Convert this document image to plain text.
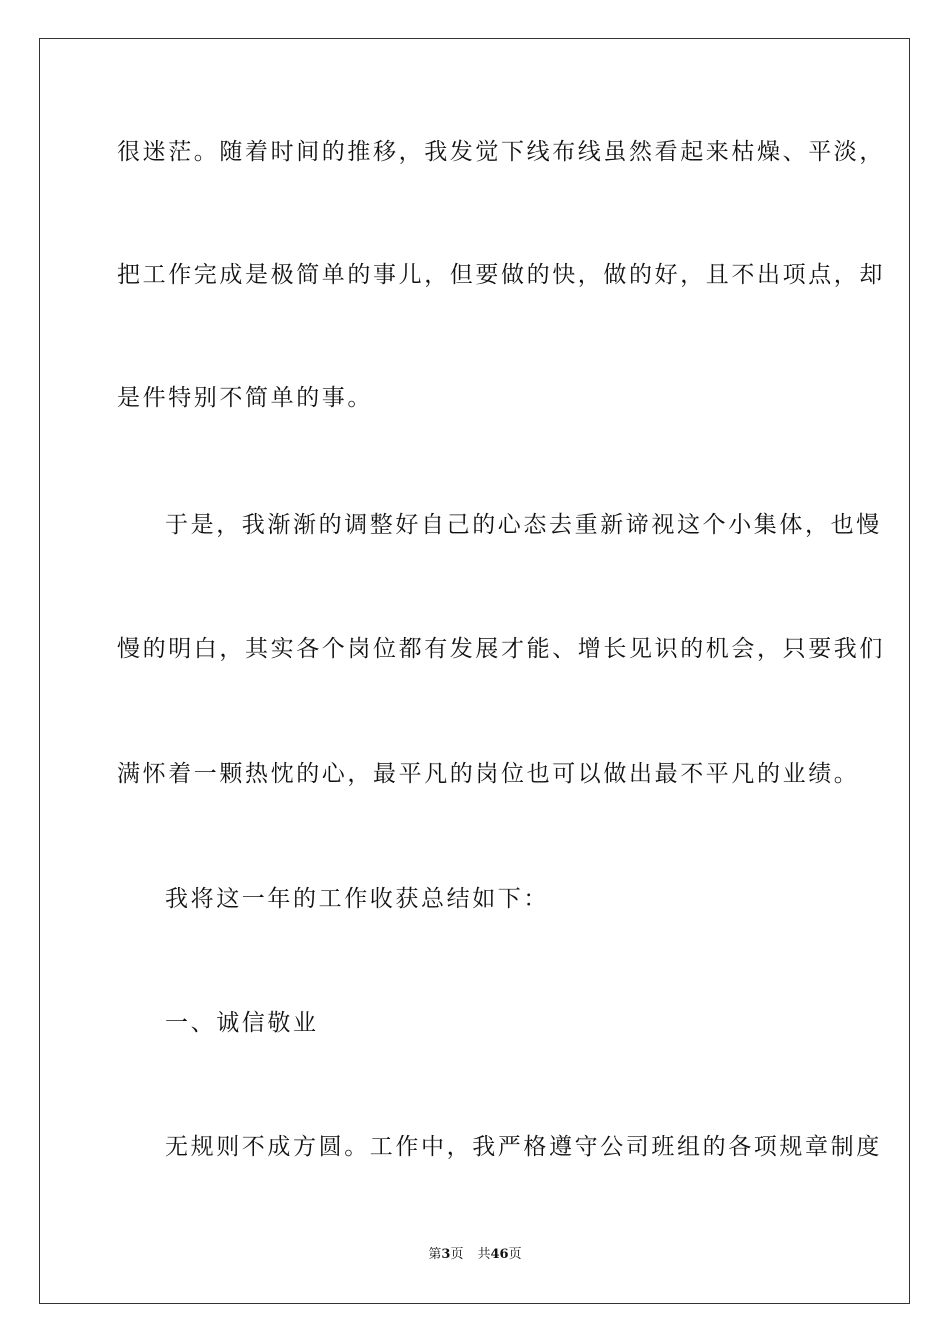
很迷茫。随着时间的推移，我发觉下线布线虽然看起来枯燥、平淡，
把工作完成是极简单的事儿，但要做的快，做的好，且不出项点，却
是件特别不简单的事。
于是，我渐渐的调整好自己的心态去重新谛视这个小集体，也慢
慢的明白，其实各个岗位都有发展才能、增长见识的机会，只要我们
满怀着一颗热忱的心，最平凡的岗位也可以做出最不平凡的业绩。
我将这一年的工作收获总结如下：
一、诚信敬业
无规则不成方圆。工作中，我严格遵守公司班组的各项规章制度
第3页 共46页
